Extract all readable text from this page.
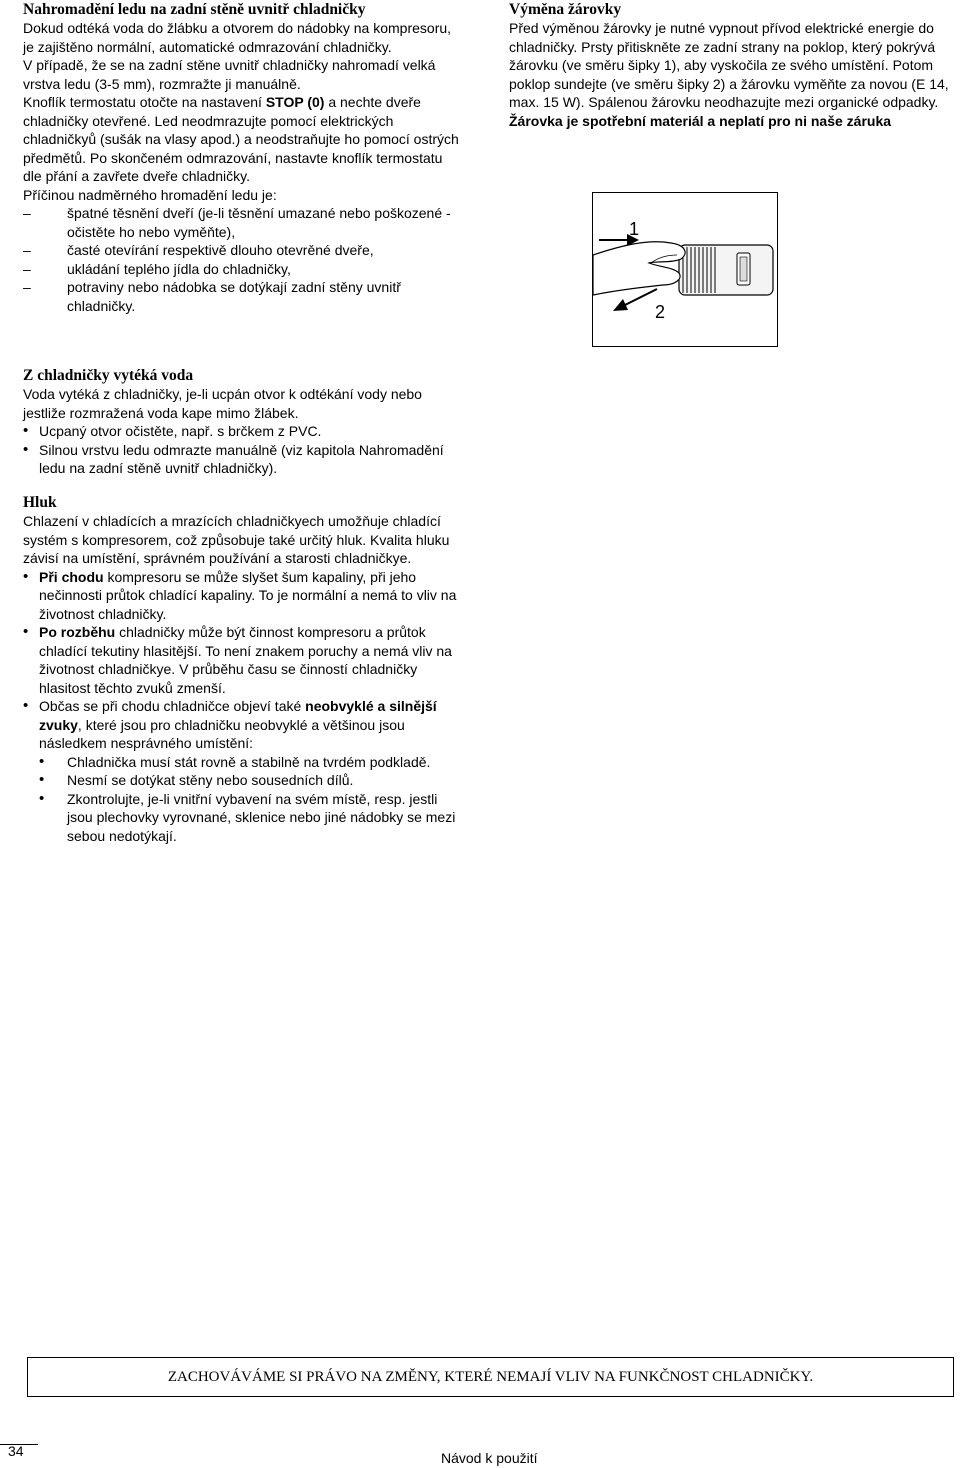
Nahromadění ledu na zadní stěně uvnitř chladničky

Dokud odtéká voda do žlábku a otvorem do nádobky na kompresoru, je zajištěno normální, automatické odmrazování chladničky.

V případě, že se na zadní stěne uvnitř chladničky nahromadí velká vrstva ledu (3-5 mm), rozmražte ji manuálně.

Knoflík termostatu otočte na nastavení STOP (0) a nechte dveře chladničky otevřené. Led neodmrazujte pomocí elektrických chladničkyů (sušák na vlasy apod.) a neodstraňujte ho pomocí ostrých předmětů. Po skončeném odmrazování, nastavte knoflík termostatu dle přání a zavřete dveře chladničky.

Příčinou nadměrného hromadění ledu je:

– špatné těsnění dveří (je-li těsnění umazané nebo poškozené - očistěte ho nebo vyměňte),
– časté otevírání respektivě dlouho otevrěné dveře,
– ukládání teplého jídla do chladničky,
– potraviny nebo nádobka se dotýkají zadní stěny uvnitř chladničky.
Z chladničky vytéká voda

Voda vytéká z chladničky, je-li ucpán otvor k odtékání vody nebo jestliže rozmražená voda kape mimo žlábek.

• Ucpaný otvor očistěte, např. s brčkem z PVC.
• Silnou vrstvu ledu odmrazte manuálně (viz kapitola Nahromadění ledu na zadní stěně uvnitř chladničky).
Hluk

Chlazení v chladících a mrazících chladničkyech umožňuje chladící systém s kompresorem, což způsobuje také určitý hluk. Kvalita hluku závisí na umístění, správném používání a starosti chladničkye.

• Při chodu kompresoru se může slyšet šum kapaliny, při jeho nečinnosti průtok chladící kapaliny. To je normální a nemá to vliv na životnost chladničky.
• Po rozběhu chladničky může být činnost kompresoru a průtok chladící tekutiny hlasitější. To není znakem poruchy a nemá vliv na životnost chladničkye. V průběhu času se činností chladničky hlasitost těchto zvuků zmenší.
• Občas se při chodu chladničce objeví také neobvyklé a silnější zvuky, které jsou pro chladničku neobvyklé a většinou jsou následkem nesprávného umístění:
• Chladnička musí stát rovně a stabilně na tvrdém podkladě.
• Nesmí se dotýkat stěny nebo sousedních dílů.
• Zkontrolujte, je-li vnitřní vybavení na svém místě, resp. jestli jsou plechovky vyrovnané, sklenice nebo jiné nádobky se mezi sebou nedotýkají.
Výměna žárovky

Před výměnou žárovky je nutné vypnout přívod elektrické energie do chladničky. Prsty přitiskněte ze zadní strany na poklop, který pokrývá žárovku (ve směru šipky 1), aby vyskočila ze svého umístění. Potom poklop sundejte (ve směru šipky 2) a žárovku vyměňte za novou (E 14, max. 15 W). Spálenou žárovku neodhazujte mezi organické odpadky.

Žárovka je spotřební materiál a neplatí pro ni naše záruka

1
2
ZACHOVÁVÁME SI PRÁVO NA ZMĚNY, KTERÉ NEMAJÍ VLIV NA FUNKČNOST CHLADNIČKY.
34	Návod k použití
